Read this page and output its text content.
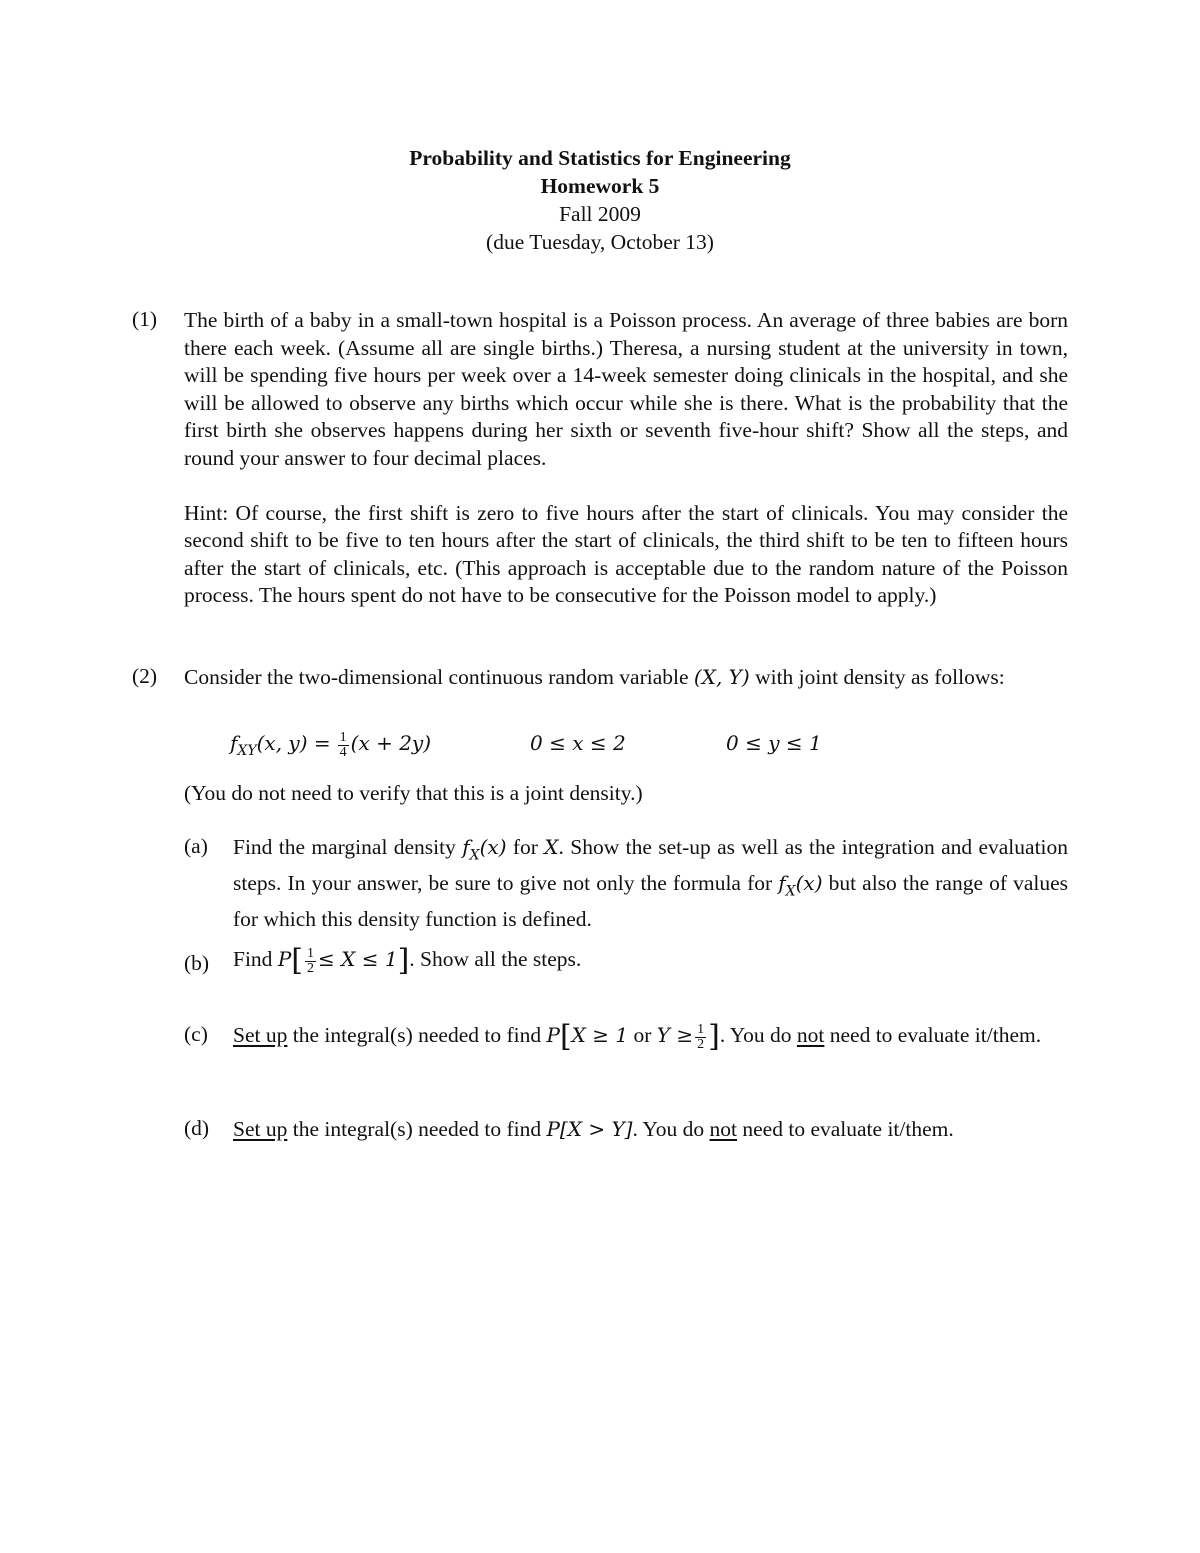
Probability and Statistics for Engineering
Homework 5
Fall 2009
(due Tuesday, October 13)
(1) The birth of a baby in a small-town hospital is a Poisson process. An average of three babies are born there each week. (Assume all are single births.) Theresa, a nursing student at the university in town, will be spending five hours per week over a 14-week semester doing clinicals in the hospital, and she will be allowed to observe any births which occur while she is there. What is the probability that the first birth she observes happens during her sixth or seventh five-hour shift? Show all the steps, and round your answer to four decimal places.

Hint: Of course, the first shift is zero to five hours after the start of clinicals. You may consider the second shift to be five to ten hours after the start of clinicals, the third shift to be ten to fifteen hours after the start of clinicals, etc. (This approach is acceptable due to the random nature of the Poisson process. The hours spent do not have to be consecutive for the Poisson model to apply.)

(2) Consider the two-dimensional continuous random variable (X, Y) with joint density as follows:

$f_{XY}(x$, $y) = \frac{1}{4} (x + 2y)$	0 ≤ x ≤ 2	0 ≤ y ≤ 1

(You do not need to verify that this is a joint density.)

(a) Find the marginal density $f_X(x)$ for X. Show the set-up as well as the integration and evaluation steps. In your answer, be sure to give not only the formula for $f_X(x)$ but also the range of values for which this density function is defined.
(b) Find $P[ \frac{1}{2} \le X \le 1]$. Show all the steps.
(c) Set up the integral(s) needed to find P[X ≥ 1 or $Y \ge \frac{1}{2}$ ]. You do not need to evaluate it/them.
(d) Set up the integral(s) needed to find P[X > Y]. You do not need to evaluate it/them.
